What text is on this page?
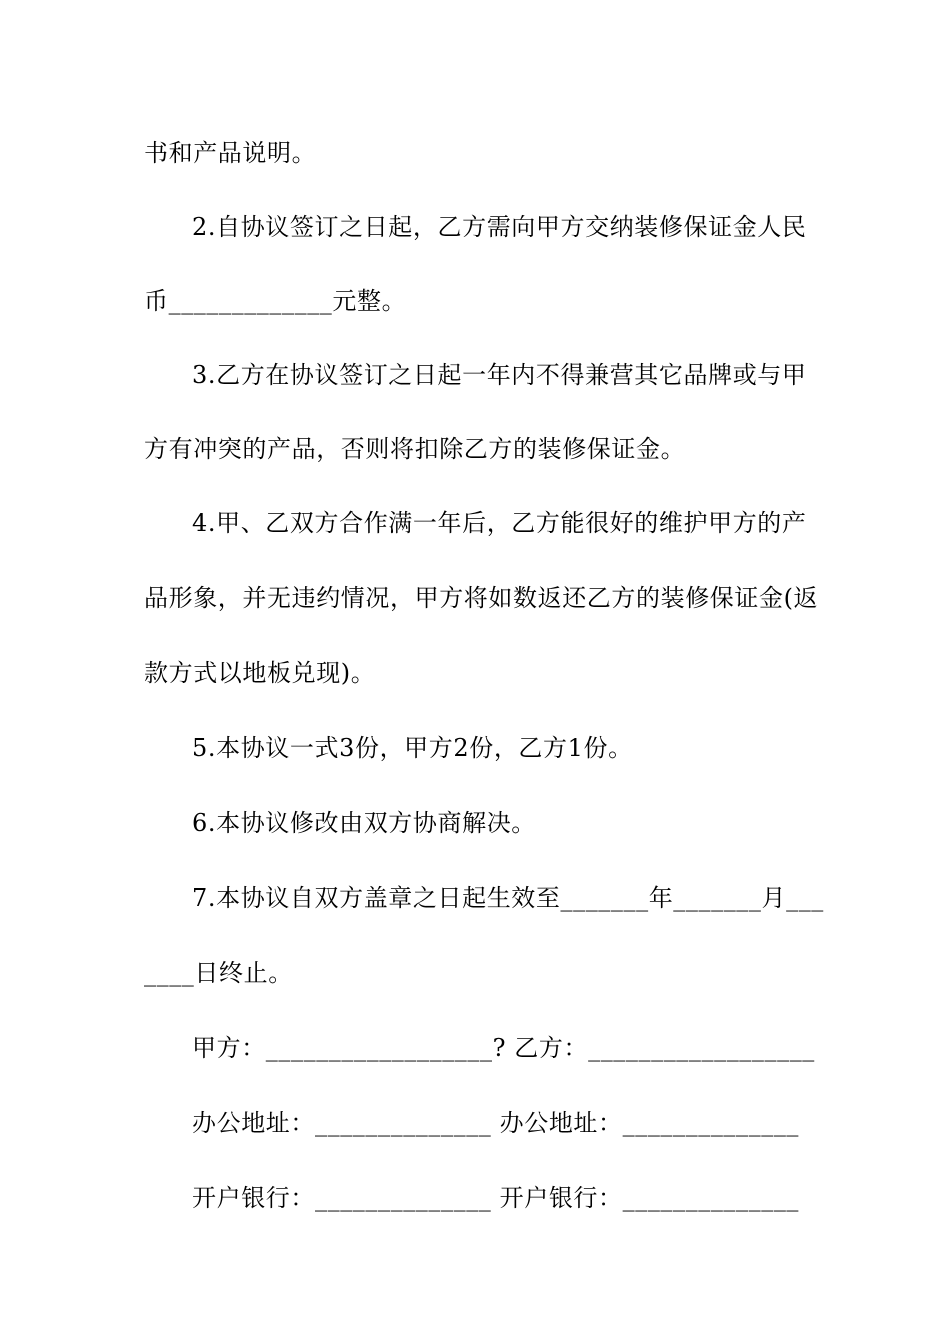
书和产品说明。
2.自协议签订之日起，乙方需向甲方交纳装修保证金人民
币_____________元整。
3.乙方在协议签订之日起一年内不得兼营其它品牌或与甲
方有冲突的产品，否则将扣除乙方的装修保证金。
4.甲、乙双方合作满一年后，乙方能很好的维护甲方的产
品形象，并无违约情况，甲方将如数返还乙方的装修保证金(返
款方式以地板兑现)。
5.本协议一式3份，甲方2份，乙方1份。
6.本协议修改由双方协商解决。
7.本协议自双方盖章之日起生效至_______年_______月___
____日终止。
甲方：__________________? 乙方：__________________
办公地址：______________ 办公地址：______________
开户银行：______________ 开户银行：______________
